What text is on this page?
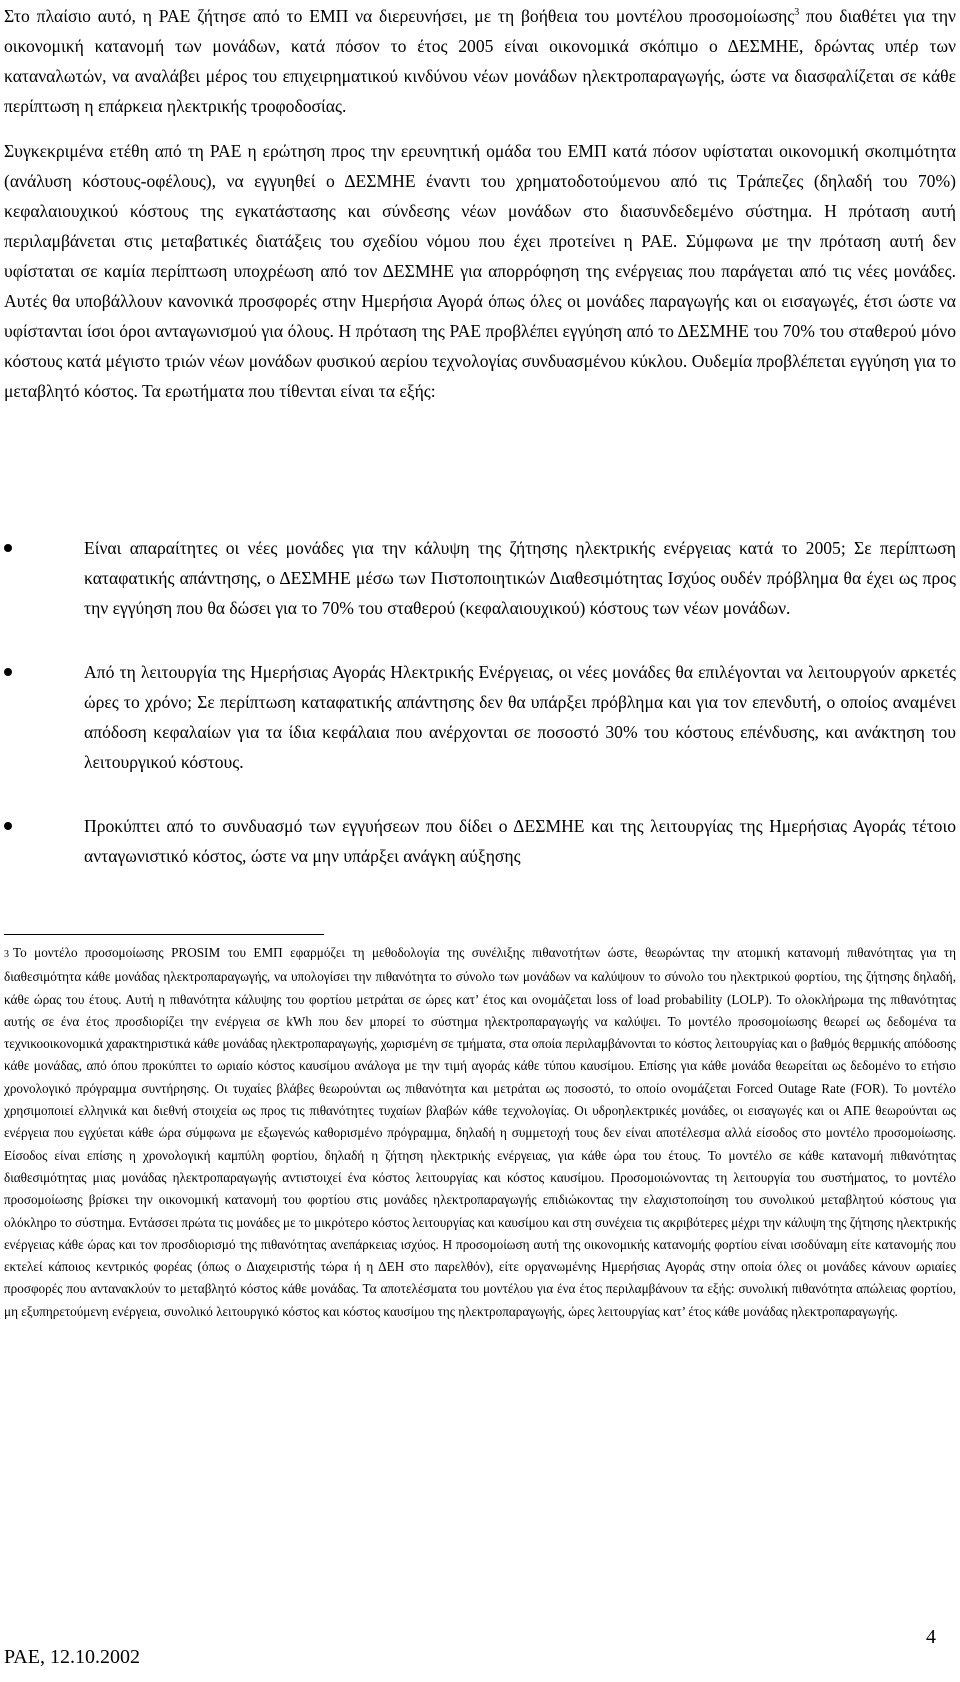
Στο πλαίσιο αυτό, η ΡΑΕ ζήτησε από το ΕΜΠ να διερευνήσει, με τη βοήθεια του μοντέλου προσομοίωσης$^3$ που διαθέτει για την οικονομική κατανομή των μονάδων, κατά πόσον το έτος 2005 είναι οικονομικά σκόπιμο ο ΔΕΣΜΗΕ, δρώντας υπέρ των καταναλωτών, να αναλάβει μέρος του επιχειρηματικού κινδύνου νέων μονάδων ηλεκτροπαραγωγής, ώστε να διασφαλίζεται σε κάθε περίπτωση η επάρκεια ηλεκτρικής τροφοδοσίας.

Συγκεκριμένα ετέθη από τη ΡΑΕ η ερώτηση προς την ερευνητική ομάδα του ΕΜΠ κατά πόσον υφίσταται οικονομική σκοπιμότητα (ανάλυση κόστους-οφέλους), να εγγυηθεί ο ΔΕΣΜΗΕ έναντι του χρηματοδοτούμενου από τις Τράπεζες (δηλαδή του 70%) κεφαλαιουχικού κόστους της εγκατάστασης και σύνδεσης νέων μονάδων στο διασυνδεδεμένο σύστημα. Η πρόταση αυτή περιλαμβάνεται στις μεταβατικές διατάξεις του σχεδίου νόμου που έχει προτείνει η ΡΑΕ. Σύμφωνα με την πρόταση αυτή δεν υφίσταται σε καμία περίπτωση υποχρέωση από τον ΔΕΣΜΗΕ για απορρόφηση της ενέργειας που παράγεται από τις νέες μονάδες. Αυτές θα υποβάλλουν κανονικά προσφορές στην Ημερήσια Αγορά όπως όλες οι μονάδες παραγωγής και οι εισαγωγές, έτσι ώστε να υφίστανται ίσοι όροι ανταγωνισμού για όλους. Η πρόταση της ΡΑΕ προβλέπει εγγύηση από το ΔΕΣΜΗΕ του 70% του σταθερού μόνο κόστους κατά μέγιστο τριών νέων μονάδων φυσικού αερίου τεχνολογίας συνδυασμένου κύκλου. Ουδεμία προβλέπεται εγγύηση για το μεταβλητό κόστος. Τα ερωτήματα που τίθενται είναι τα εξής:

Είναι απαραίτητες οι νέες μονάδες για την κάλυψη της ζήτησης ηλεκτρικής ενέργειας κατά το 2005; Σε περίπτωση καταφατικής απάντησης, ο ΔΕΣΜΗΕ μέσω των Πιστοποιητικών Διαθεσιμότητας Ισχύος ουδέν πρόβλημα θα έχει ως προς την εγγύηση που θα δώσει για το 70% του σταθερού (κεφαλαιουχικού) κόστους των νέων μονάδων.
Από τη λειτουργία της Ημερήσιας Αγοράς Ηλεκτρικής Ενέργειας, οι νέες μονάδες θα επιλέγονται να λειτουργούν αρκετές ώρες το χρόνο; Σε περίπτωση καταφατικής απάντησης δεν θα υπάρξει πρόβλημα και για τον επενδυτή, ο οποίος αναμένει απόδοση κεφαλαίων για τα ίδια κεφάλαια που ανέρχονται σε ποσοστό 30% του κόστους επένδυσης, και ανάκτηση του λειτουργικού κόστους.
Προκύπτει από το συνδυασμό των εγγυήσεων που δίδει ο ΔΕΣΜΗΕ και της λειτουργίας της Ημερήσιας Αγοράς τέτοιο ανταγωνιστικό κόστος, ώστε να μην υπάρξει ανάγκη αύξησης

3 Το μοντέλο προσομοίωσης PROSIM του ΕΜΠ εφαρμόζει τη μεθοδολογία της συνέλιξης πιθανοτήτων ώστε, θεωρώντας την ατομική κατανομή πιθανότητας για τη διαθεσιμότητα κάθε μονάδας ηλεκτροπαραγωγής, να υπολογίσει την πιθανότητα το σύνολο των μονάδων να καλύψουν το σύνολο του ηλεκτρικού φορτίου, της ζήτησης δηλαδή, κάθε ώρας του έτους. Αυτή η πιθανότητα κάλυψης του φορτίου μετράται σε ώρες κατ’ έτος και ονομάζεται loss of load probability (LOLP). Το ολοκλήρωμα της πιθανότητας αυτής σε ένα έτος προσδιορίζει την ενέργεια σε kWh που δεν μπορεί το σύστημα ηλεκτροπαραγωγής να καλύψει. Το μοντέλο προσομοίωσης θεωρεί ως δεδομένα τα τεχνικοοικονομικά χαρακτηριστικά κάθε μονάδας ηλεκτροπαραγωγής, χωρισμένη σε τμήματα, στα οποία περιλαμβάνονται το κόστος λειτουργίας και ο βαθμός θερμικής απόδοσης κάθε μονάδας, από όπου προκύπτει το ωριαίο κόστος καυσίμου ανάλογα με την τιμή αγοράς κάθε τύπου καυσίμου. Επίσης για κάθε μονάδα θεωρείται ως δεδομένο το ετήσιο χρονολογικό πρόγραμμα συντήρησης. Οι τυχαίες βλάβες θεωρούνται ως πιθανότητα και μετράται ως ποσοστό, το οποίο ονομάζεται Forced Outage Rate (FOR). Το μοντέλο χρησιμοποιεί ελληνικά και διεθνή στοιχεία ως προς τις πιθανότητες τυχαίων βλαβών κάθε τεχνολογίας. Οι υδροηλεκτρικές μονάδες, οι εισαγωγές και οι ΑΠΕ θεωρούνται ως ενέργεια που εγχύεται κάθε ώρα σύμφωνα με εξωγενώς καθορισμένο πρόγραμμα, δηλαδή η συμμετοχή τους δεν είναι αποτέλεσμα αλλά είσοδος στο μοντέλο προσομοίωσης. Είσοδος είναι επίσης η χρονολογική καμπύλη φορτίου, δηλαδή η ζήτηση ηλεκτρικής ενέργειας, για κάθε ώρα του έτους. Το μοντέλο σε κάθε κατανομή πιθανότητας διαθεσιμότητας μιας μονάδας ηλεκτροπαραγωγής αντιστοιχεί ένα κόστος λειτουργίας και κόστος καυσίμου. Προσομοιώνοντας τη λειτουργία του συστήματος, το μοντέλο προσομοίωσης βρίσκει την οικονομική κατανομή του φορτίου στις μονάδες ηλεκτροπαραγωγής επιδιώκοντας την ελαχιστοποίηση του συνολικού μεταβλητού κόστους για ολόκληρο το σύστημα. Εντάσσει πρώτα τις μονάδες με το μικρότερο κόστος λειτουργίας και καυσίμου και στη συνέχεια τις ακριβότερες μέχρι την κάλυψη της ζήτησης ηλεκτρικής ενέργειας κάθε ώρας και τον προσδιορισμό της πιθανότητας ανεπάρκειας ισχύος. Η προσομοίωση αυτή της οικονομικής κατανομής φορτίου είναι ισοδύναμη είτε κατανομής που εκτελεί κάποιος κεντρικός φορέας (όπως ο Διαχειριστής τώρα ή η ΔΕΗ στο παρελθόν), είτε οργανωμένης Ημερήσιας Αγοράς στην οποία όλες οι μονάδες κάνουν ωριαίες προσφορές που αντανακλούν το μεταβλητό κόστος κάθε μονάδας. Τα αποτελέσματα του μοντέλου για ένα έτος περιλαμβάνουν τα εξής: συνολική πιθανότητα απώλειας φορτίου, μη εξυπηρετούμενη ενέργεια, συνολικό λειτουργικό κόστος και κόστος καυσίμου της ηλεκτροπαραγωγής, ώρες λειτουργίας κατ’ έτος κάθε μονάδας ηλεκτροπαραγωγής.

ΡΑΕ, 12.10.2002
4
